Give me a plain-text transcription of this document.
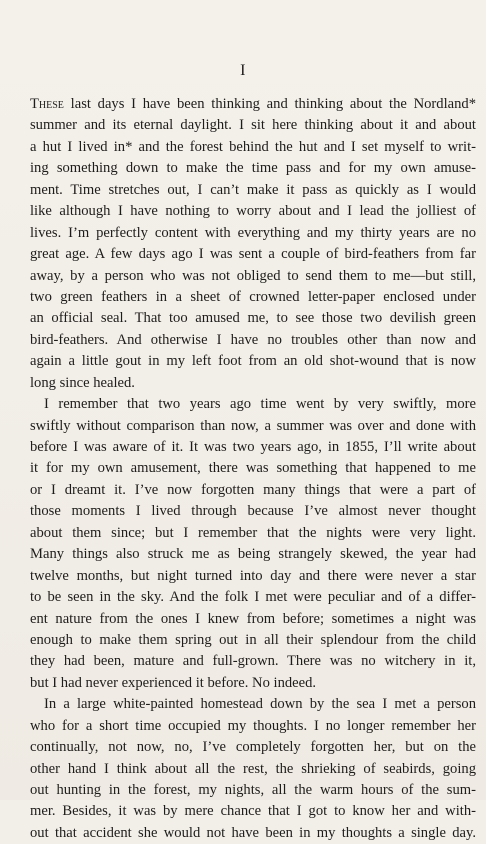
I
These last days I have been thinking and thinking about the Nordland*
summer and its eternal daylight. I sit here thinking about it and about
a hut I lived in* and the forest behind the hut and I set myself to writ-
ing something down to make the time pass and for my own amuse-
ment. Time stretches out, I can’t make it pass as quickly as I would
like although I have nothing to worry about and I lead the jolliest of
lives. I’m perfectly content with everything and my thirty years are no
great age. A few days ago I was sent a couple of bird-feathers from far
away, by a person who was not obliged to send them to me—but still,
two green feathers in a sheet of crowned letter-paper enclosed under
an official seal. That too amused me, to see those two devilish green
bird-feathers. And otherwise I have no troubles other than now and
again a little gout in my left foot from an old shot-wound that is now
long since healed.
I remember that two years ago time went by very swiftly, more
swiftly without comparison than now, a summer was over and done with
before I was aware of it. It was two years ago, in 1855, I’ll write about
it for my own amusement, there was something that happened to me
or I dreamt it. I’ve now forgotten many things that were a part of
those moments I lived through because I’ve almost never thought
about them since; but I remember that the nights were very light.
Many things also struck me as being strangely skewed, the year had
twelve months, but night turned into day and there were never a star
to be seen in the sky. And the folk I met were peculiar and of a differ-
ent nature from the ones I knew from before; sometimes a night was
enough to make them spring out in all their splendour from the child
they had been, mature and full-grown. There was no witchery in it,
but I had never experienced it before. No indeed.
In a large white-painted homestead down by the sea I met a person
who for a short time occupied my thoughts. I no longer remember her
continually, not now, no, I’ve completely forgotten her, but on the
other hand I think about all the rest, the shrieking of seabirds, going
out hunting in the forest, my nights, all the warm hours of the sum-
mer. Besides, it was by mere chance that I got to know her and with-
out that accident she would not have been in my thoughts a single day.
